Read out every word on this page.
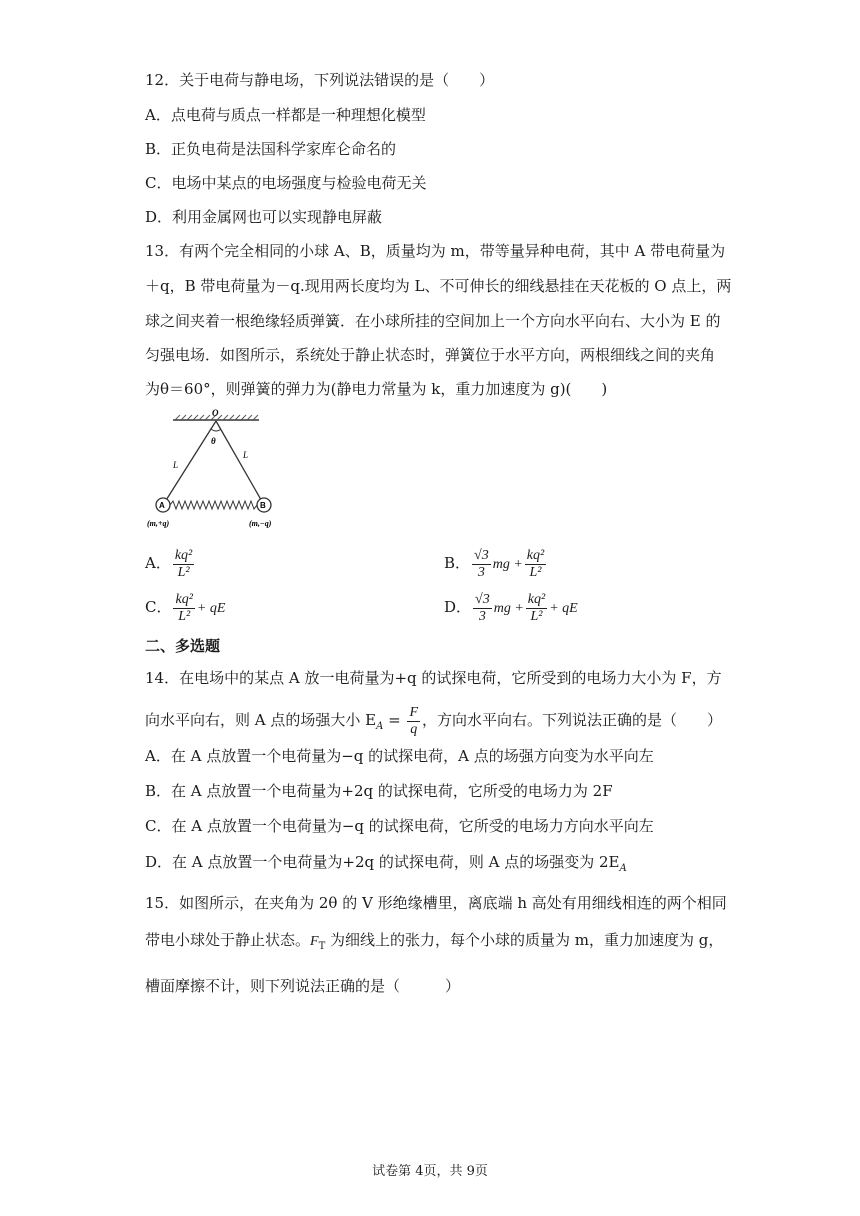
12．关于电荷与静电场，下列说法错误的是（　　）
A．点电荷与质点一样都是一种理想化模型
B．正负电荷是法国科学家库仑命名的
C．电场中某点的电场强度与检验电荷无关
D．利用金属网也可以实现静电屏蔽
13．有两个完全相同的小球 A、B，质量均为 m，带等量异种电荷，其中 A 带电荷量为
＋q，B 带电荷量为－q.现用两长度均为 L、不可伸长的细线悬挂在天花板的 O 点上，两
球之间夹着一根绝缘轻质弹簧．在小球所挂的空间加上一个方向水平向右、大小为 E 的
匀强电场．如图所示，系统处于静止状态时，弹簧位于水平方向，两根细线之间的夹角
为θ＝60°，则弹簧的弹力为(静电力常量为 k，重力加速度为 g)(　　)
O
θ
L
L
A	B
(m,+q)	(m,−q)
A． $\frac{\text{kq²}}{\text{L²}}$	B． $\frac{√3}{3}$ mg + $\frac{\text{kq²}}{\text{L²}}$
C． $\frac{\text{kq²}}{\text{L²}}$ + qE	D． $\frac{√3}{3}$ mg + $\frac{\text{kq²}}{\text{L²}}$ + qE
二、多选题
14．在电场中的某点 A 放一电荷量为+q 的试探电荷，它所受到的电场力大小为 F，方
向水平向右，则 A 点的场强大小 $E_A = \frac{F}{q}$ ，方向水平向右。下列说法正确的是（　　）
A．在 A 点放置一个电荷量为−q 的试探电荷，A 点的场强方向变为水平向左
B．在 A 点放置一个电荷量为+2q 的试探电荷，它所受的电场力为 2F
C．在 A 点放置一个电荷量为−q 的试探电荷，它所受的电场力方向水平向左
D．在 A 点放置一个电荷量为+2q 的试探电荷，则 A 点的场强变为 $2E_A$
15．如图所示，在夹角为 2θ 的 V 形绝缘槽里，离底端 h 高处有用细线相连的两个相同
带电小球处于静止状态。$F_T$ 为细线上的张力，每个小球的质量为 m，重力加速度为 g，
槽面摩擦不计，则下列说法正确的是（　　　）
试卷第 4页，共 9页
